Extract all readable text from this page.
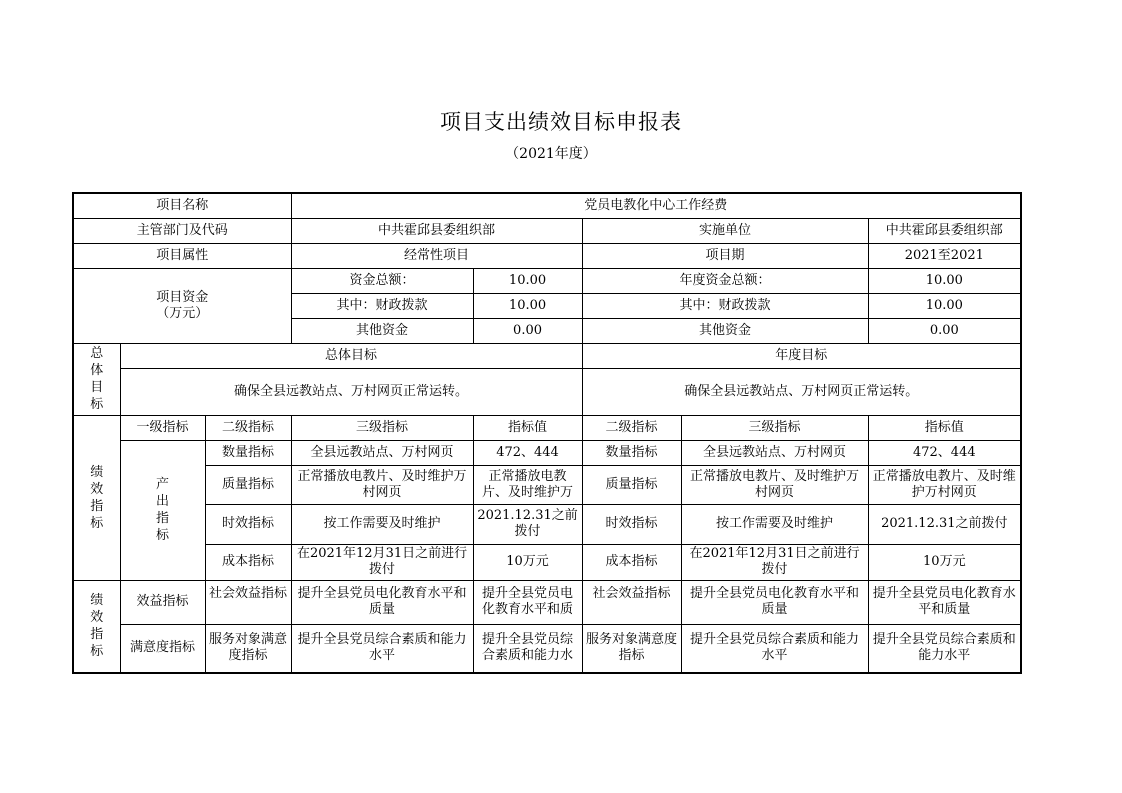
项目支出绩效目标申报表
（2021年度）
项目名称			党员电教化中心工作经费				
主管部门及代码			中共霍邱县委组织部		实施单位		中共霍邱县委组织部
项目属性			经常性项目		项目期		2021至2021

项目资金
（万元）			资金总额：	10.00	年度资金总额：		10.00
			其中：财政拨款	10.00	其中：财政拨款		10.00
			其他资金	0.00	其他资金		0.00
总体目标	总体目标				年度目标		
	确保全县远教站点、万村网页正常运转。				确保全县远教站点、万村网页正常运转。		
绩效指标	一级指标	二级指标	三级指标	指标值	二级指标	三级指标	指标值
	产出指标	数量指标	全县远教站点、万村网页	472、444	数量指标	全县远教站点、万村网页	472、444
		质量指标	正常播放电教片、及时维护万村网页	正常播放电教片、及时维护万	质量指标	正常播放电教片、及时维护万村网页	正常播放电教片、及时维护万村网页

		时效指标	按工作需要及时维护	2021.12.31之前拨付	时效指标	按工作需要及时维护	2021.12.31之前拨付
		成本指标	在2021年12月31日之前进行拨付	10万元	成本指标	在2021年12月31日之前进行拨付	10万元
绩效指标	效益指标	社会效益指标	提升全县党员电化教育水平和质量	提升全县党员电化教育水平和质	社会效益指标	提升全县党员电化教育水平和质量	提升全县党员电化教育水平和质量

	满意度指标	服务对象满意度指标	提升全县党员综合素质和能力水平	提升全县党员综合素质和能力水	服务对象满意度指标	提升全县党员综合素质和能力水平	提升全县党员综合素质和能力水平
